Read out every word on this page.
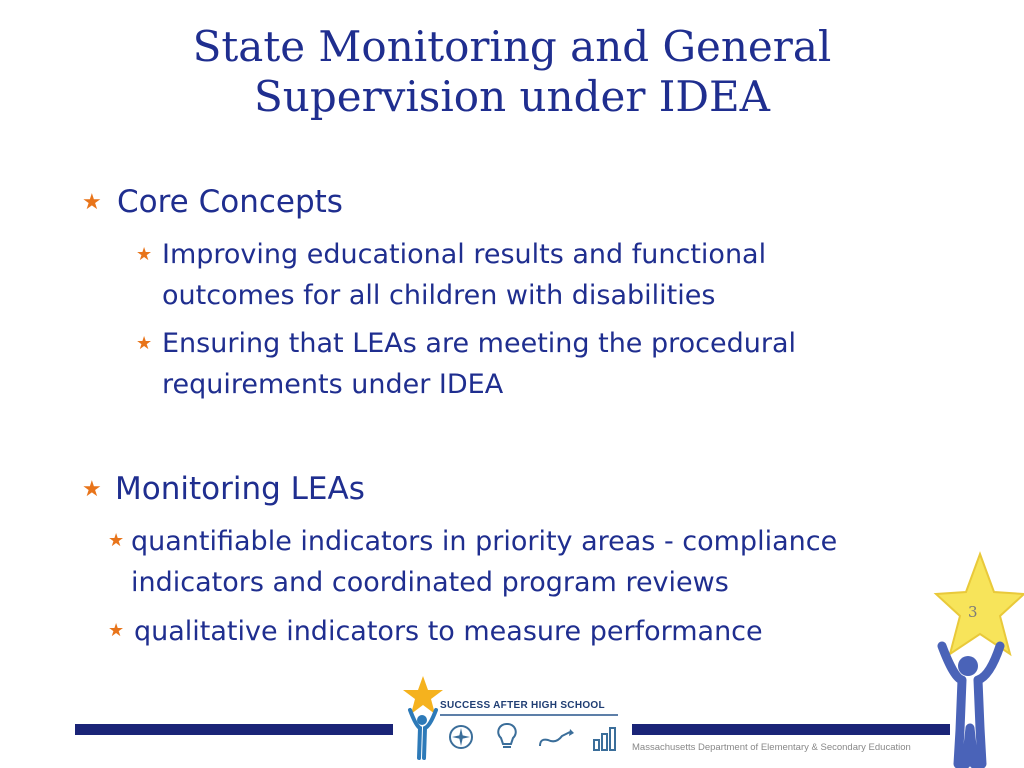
State Monitoring and General
Supervision under IDEA
★ Core Concepts
★ Improving educational results and functional
outcomes for all children with disabilities
★ Ensuring that LEAs are meeting the procedural
requirements under IDEA
★ Monitoring LEAs
★ quantifiable indicators in priority areas - compliance
indicators and coordinated program reviews
★ qualitative indicators to measure performance
3
SUCCESS AFTER HIGH SCHOOL
Massachusetts Department of Elementary & Secondary Education
